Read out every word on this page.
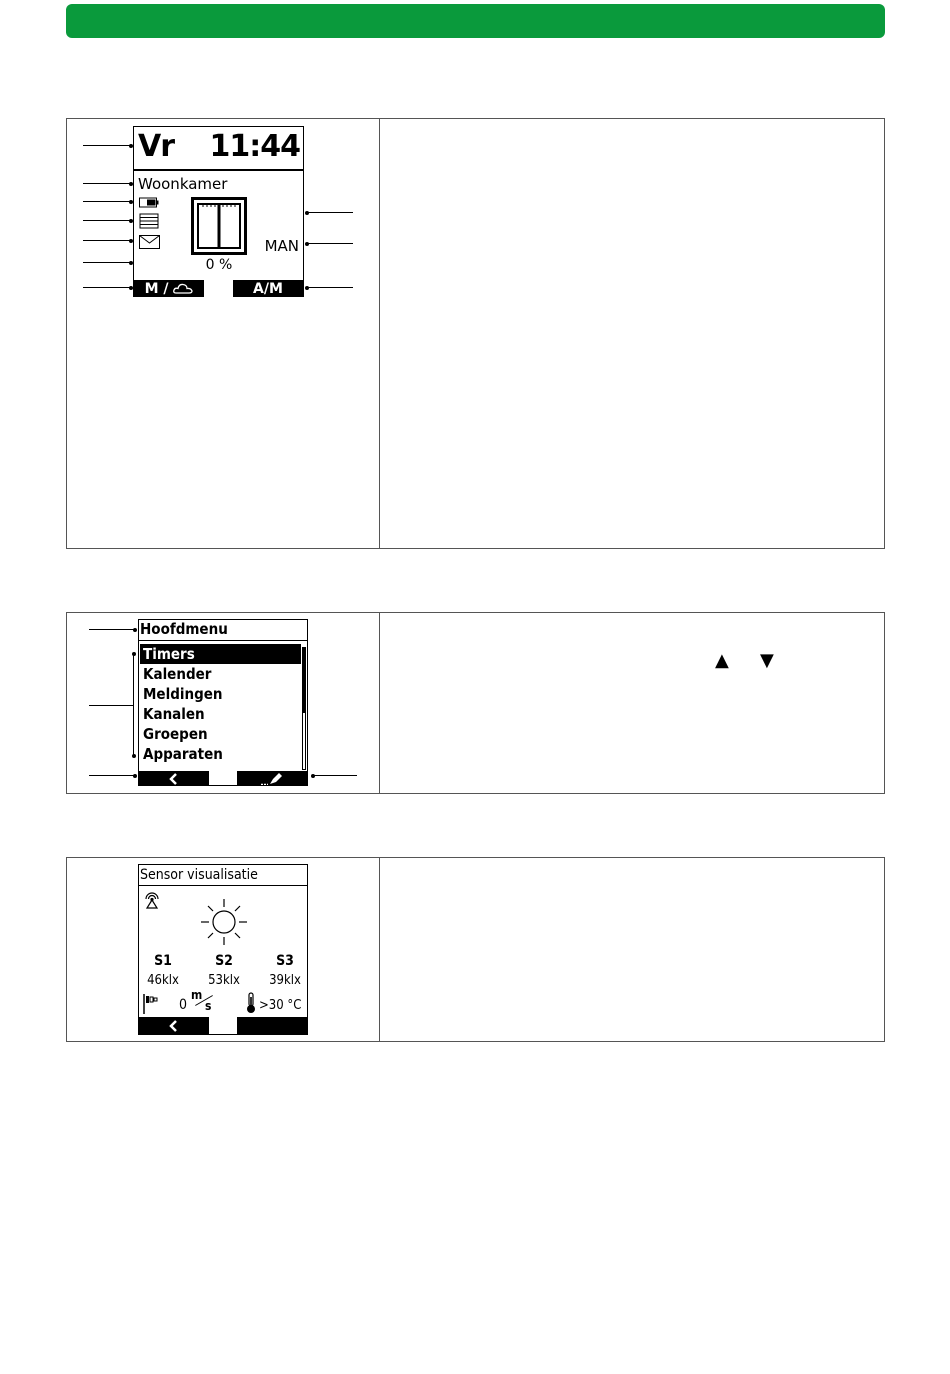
Vr 11:44
Woonkamer
0 %
MAN
M /	A/M
▲ ▼
Hoofdmenu
Timers
Kalender
Meldingen
Kanalen
Groepen
Apparaten
Sensor visualisatie
S1	S2	S3
46klx	53klx	39klx
0
m
s	>30 °C
